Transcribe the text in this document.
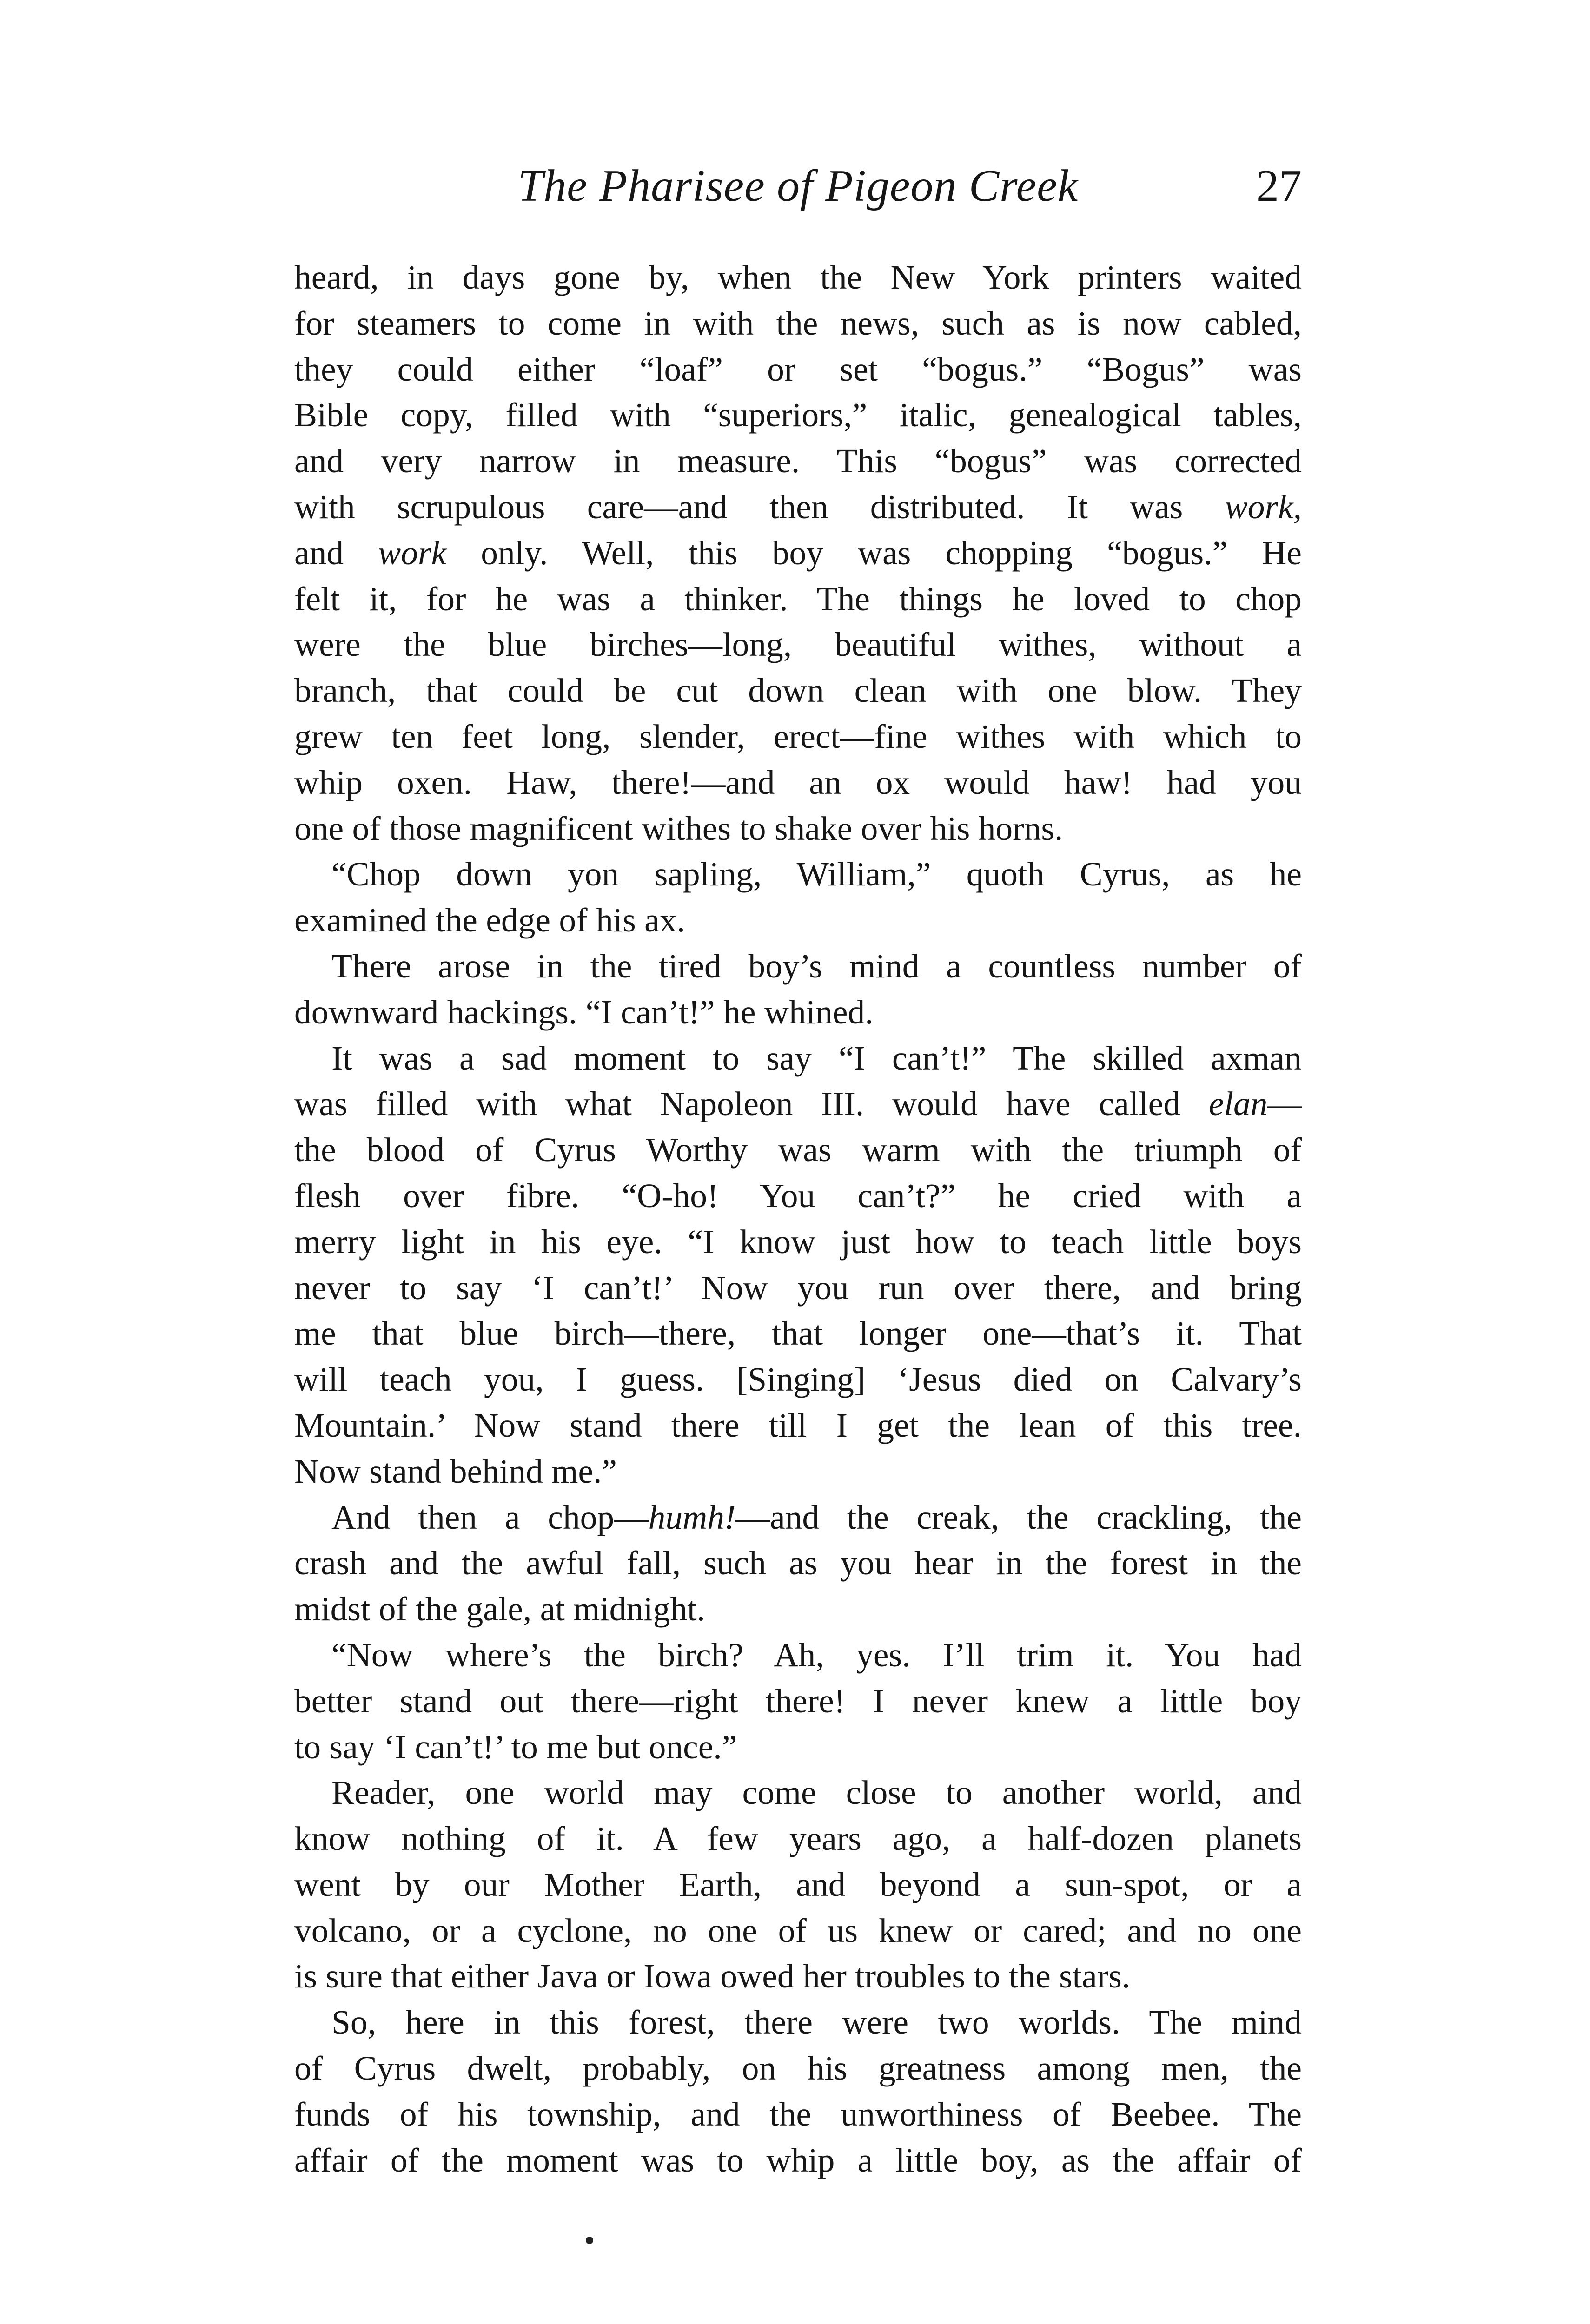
The Pharisee of Pigeon Creek	27
heard, in days gone by, when the New York printers waited
for steamers to come in with the news, such as is now cabled,
they could either “loaf” or set “bogus.” “Bogus” was
Bible copy, filled with “superiors,” italic, genealogical tables,
and very narrow in measure. This “bogus” was corrected
with scrupulous care—and then distributed. It was work,
and work only. Well, this boy was chopping “bogus.” He
felt it, for he was a thinker. The things he loved to chop
were the blue birches—long, beautiful withes, without a
branch, that could be cut down clean with one blow. They
grew ten feet long, slender, erect—fine withes with which to
whip oxen. Haw, there!—and an ox would haw! had you
one of those magnificent withes to shake over his horns.
“Chop down yon sapling, William,” quoth Cyrus, as he
examined the edge of his ax.
There arose in the tired boy’s mind a countless number of
downward hackings. “I can’t!” he whined.
It was a sad moment to say “I can’t!” The skilled axman
was filled with what Napoleon III. would have called elan—
the blood of Cyrus Worthy was warm with the triumph of
flesh over fibre. “O-ho! You can’t?” he cried with a
merry light in his eye. “I know just how to teach little boys
never to say ‘I can’t!’ Now you run over there, and bring
me that blue birch—there, that longer one—that’s it. That
will teach you, I guess. [Singing] ‘Jesus died on Calvary’s
Mountain.’ Now stand there till I get the lean of this tree.
Now stand behind me.”
And then a chop—humh!—and the creak, the crackling, the
crash and the awful fall, such as you hear in the forest in the
midst of the gale, at midnight.
“Now where’s the birch? Ah, yes. I’ll trim it. You had
better stand out there—right there! I never knew a little boy
to say ‘I can’t!’ to me but once.”
Reader, one world may come close to another world, and
know nothing of it. A few years ago, a half-dozen planets
went by our Mother Earth, and beyond a sun-spot, or a
volcano, or a cyclone, no one of us knew or cared; and no one
is sure that either Java or Iowa owed her troubles to the stars.
So, here in this forest, there were two worlds. The mind
of Cyrus dwelt, probably, on his greatness among men, the
funds of his township, and the unworthiness of Beebee. The
affair of the moment was to whip a little boy, as the affair of
